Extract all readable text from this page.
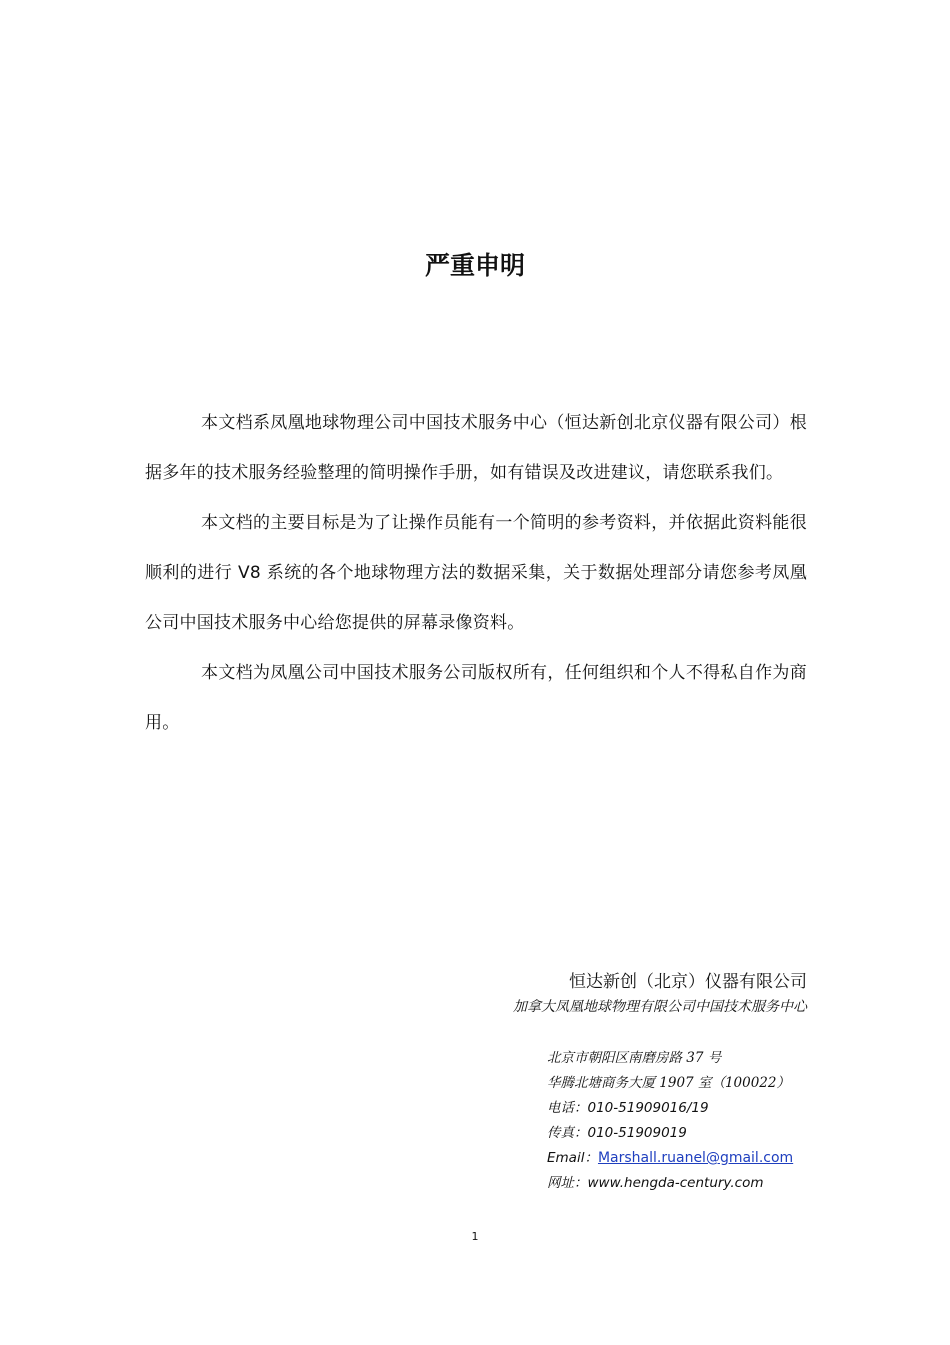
严重申明

本文档系凤凰地球物理公司中国技术服务中心（恒达新创北京仪器有限公司）根据多年的技术服务经验整理的简明操作手册，如有错误及改进建议，请您联系我们。

本文档的主要目标是为了让操作员能有一个简明的参考资料，并依据此资料能很顺利的进行 V8 系统的各个地球物理方法的数据采集，关于数据处理部分请您参考凤凰公司中国技术服务中心给您提供的屏幕录像资料。

本文档为凤凰公司中国技术服务公司版权所有，任何组织和个人不得私自作为商用。

恒达新创（北京）仪器有限公司
加拿大凤凰地球物理有限公司中国技术服务中心
北京市朝阳区南磨房路 37 号
华腾北塘商务大厦 1907 室（100022）
电话：010-51909016/19
传真：010-51909019
Email：Marshall.ruanel@gmail.com
网址：www.hengda-century.com
1
